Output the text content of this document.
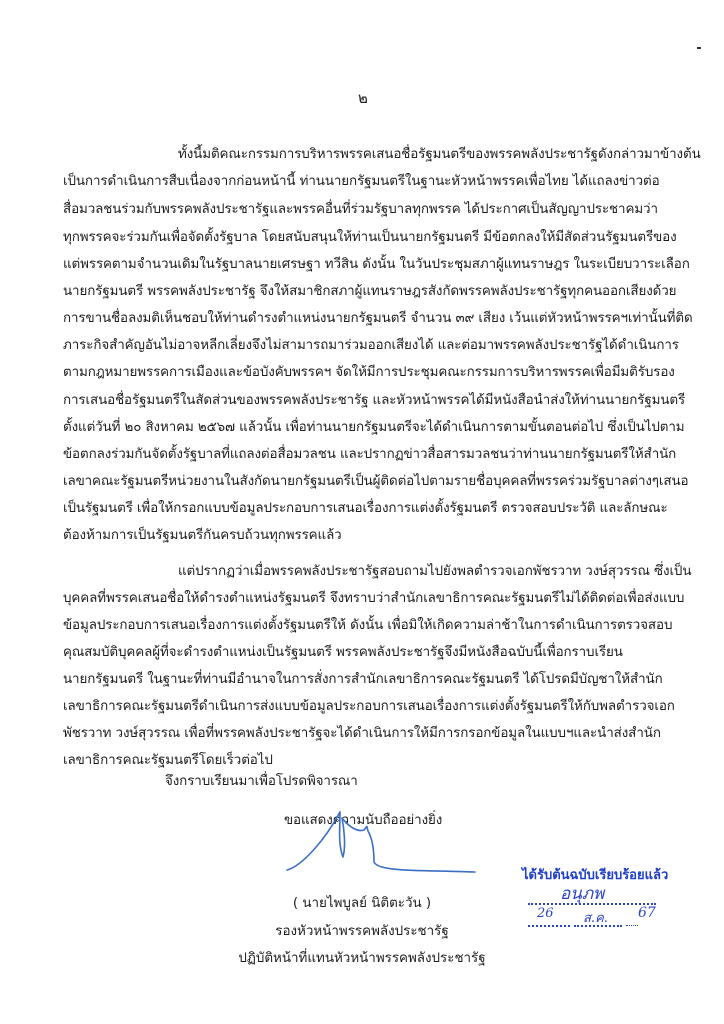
๒
ทั้งนี้มติคณะกรรมการบริหารพรรคเสนอชื่อรัฐมนตรีของพรรคพลังประชารัฐดังกล่าวมาข้างต้น
เป็นการดำเนินการสืบเนื่องจากก่อนหน้านี้ ท่านนายกรัฐมนตรีในฐานะหัวหน้าพรรคเพื่อไทย ได้แถลงข่าวต่อ
สื่อมวลชนร่วมกับพรรคพลังประชารัฐและพรรคอื่นที่ร่วมรัฐบาลทุกพรรค ได้ประกาศเป็นสัญญาประชาคมว่า
ทุกพรรคจะร่วมกันเพื่อจัดตั้งรัฐบาล โดยสนับสนุนให้ท่านเป็นนายกรัฐมนตรี มีข้อตกลงให้มีสัดส่วนรัฐมนตรีของ
แต่พรรคตามจำนวนเดิมในรัฐบาลนายเศรษฐา ทวีสิน ดังนั้น ในวันประชุมสภาผู้แทนราษฎร ในระเบียบวาระเลือก
นายกรัฐมนตรี พรรคพลังประชารัฐ จึงให้สมาชิกสภาผู้แทนราษฎรสังกัดพรรคพลังประชารัฐทุกคนออกเสียงด้วย
การขานชื่อลงมติเห็นชอบให้ท่านดำรงตำแหน่งนายกรัฐมนตรี จำนวน ๓๙ เสียง เว้นแต่หัวหน้าพรรคฯเท่านั้นที่ติด
ภาระกิจสำคัญอันไม่อาจหลีกเลี่ยงจึงไม่สามารถมาร่วมออกเสียงได้ และต่อมาพรรคพลังประชารัฐได้ดำเนินการ
ตามกฎหมายพรรคการเมืองและข้อบังคับพรรคฯ จัดให้มีการประชุมคณะกรรมการบริหารพรรคเพื่อมีมติรับรอง
การเสนอชื่อรัฐมนตรีในสัดส่วนของพรรคพลังประชารัฐ และหัวหน้าพรรคได้มีหนังสือนำส่งให้ท่านนายกรัฐมนตรี
ตั้งแต่วันที่ ๒๐ สิงหาคม ๒๕๖๗ แล้วนั้น เพื่อท่านนายกรัฐมนตรีจะได้ดำเนินการตามขั้นตอนต่อไป ซึ่งเป็นไปตาม
ข้อตกลงร่วมกันจัดตั้งรัฐบาลที่แถลงต่อสื่อมวลชน และปรากฏข่าวสื่อสารมวลชนว่าท่านนายกรัฐมนตรีให้สำนัก
เลขาคณะรัฐมนตรีหน่วยงานในสังกัดนายกรัฐมนตรีเป็นผู้ติดต่อไปตามรายชื่อบุคคลที่พรรคร่วมรัฐบาลต่างๆเสนอ
เป็นรัฐมนตรี เพื่อให้กรอกแบบข้อมูลประกอบการเสนอเรื่องการแต่งตั้งรัฐมนตรี ตรวจสอบประวัติ และลักษณะ
ต้องห้ามการเป็นรัฐมนตรีกันครบถ้วนทุกพรรคแล้ว
แต่ปรากฏว่าเมื่อพรรคพลังประชารัฐสอบถามไปยังพลตำรวจเอกพัชรวาท วงษ์สุวรรณ ซึ่งเป็น
บุคคลที่พรรคเสนอชื่อให้ดำรงตำแหน่งรัฐมนตรี จึงทราบว่าสำนักเลขาธิการคณะรัฐมนตรีไม่ได้ติดต่อเพื่อส่งแบบ
ข้อมูลประกอบการเสนอเรื่องการแต่งตั้งรัฐมนตรีให้ ดังนั้น เพื่อมิให้เกิดความล่าช้าในการดำเนินการตรวจสอบ
คุณสมบัติบุคคลผู้ที่จะดำรงตำแหน่งเป็นรัฐมนตรี พรรคพลังประชารัฐจึงมีหนังสือฉบับนี้เพื่อกราบเรียน
นายกรัฐมนตรี ในฐานะที่ท่านมีอำนาจในการสั่งการสำนักเลขาธิการคณะรัฐมนตรี ได้โปรดมีบัญชาให้สำนัก
เลขาธิการคณะรัฐมนตรีดำเนินการส่งแบบข้อมูลประกอบการเสนอเรื่องการแต่งตั้งรัฐมนตรีให้กับพลตำรวจเอก
พัชรวาท วงษ์สุวรรณ เพื่อที่พรรคพลังประชารัฐจะได้ดำเนินการให้มีการกรอกข้อมูลในแบบฯและนำส่งสำนัก
เลขาธิการคณะรัฐมนตรีโดยเร็วต่อไป
จึงกราบเรียนมาเพื่อโปรดพิจารณา
ขอแสดงความนับถืออย่างยิ่ง
( นายไพบูลย์ นิติตะวัน )
รองหัวหน้าพรรคพลังประชารัฐ
ปฏิบัติหน้าที่แทนหัวหน้าพรรคพลังประชารัฐ
ได้รับต้นฉบับเรียบร้อยแล้ว
อนุภพ
26 ส.ค. 67
